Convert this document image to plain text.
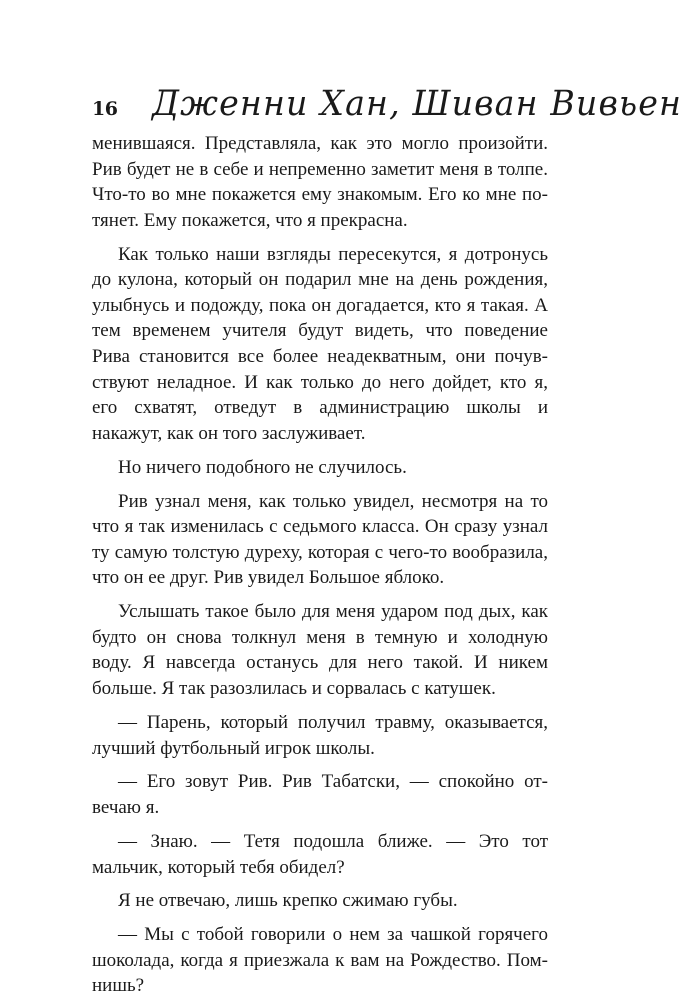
16 Дженни Хан, Шиван Вивьен

менившаяся. Представляла, как это могло произойти. Рив будет не в себе и непременно заметит меня в толпе. Что-то во мне покажется ему знакомым. Его ко мне потянет. Ему покажется, что я прекрасна.

Как только наши взгляды пересекутся, я дотронусь до кулона, который он подарил мне на день рождения, улыбнусь и подожду, пока он догадается, кто я такая. А тем временем учителя будут видеть, что поведение Рива становится все более неадекватным, они почувствуют неладное. И как только до него дойдет, кто я, его схватят, отведут в администрацию школы и накажут, как он того заслуживает.

Но ничего подобного не случилось.

Рив узнал меня, как только увидел, несмотря на то что я так изменилась с седьмого класса. Он сразу узнал ту самую толстую дуреху, которая с чего-то вообразила, что он ее друг. Рив увидел Большое яблоко.

Услышать такое было для меня ударом под дых, как будто он снова толкнул меня в темную и холодную воду. Я навсегда останусь для него такой. И никем больше. Я так разозлилась и сорвалась с катушек.

— Парень, который получил травму, оказывается, лучший футбольный игрок школы.

— Его зовут Рив. Рив Табатски, — спокойно отвечаю я.

— Знаю. — Тетя подошла ближе. — Это тот мальчик, который тебя обидел?

Я не отвечаю, лишь крепко сжимаю губы.

— Мы с тобой говорили о нем за чашкой горячего шоколада, когда я приезжала к вам на Рождество. Помнишь?
